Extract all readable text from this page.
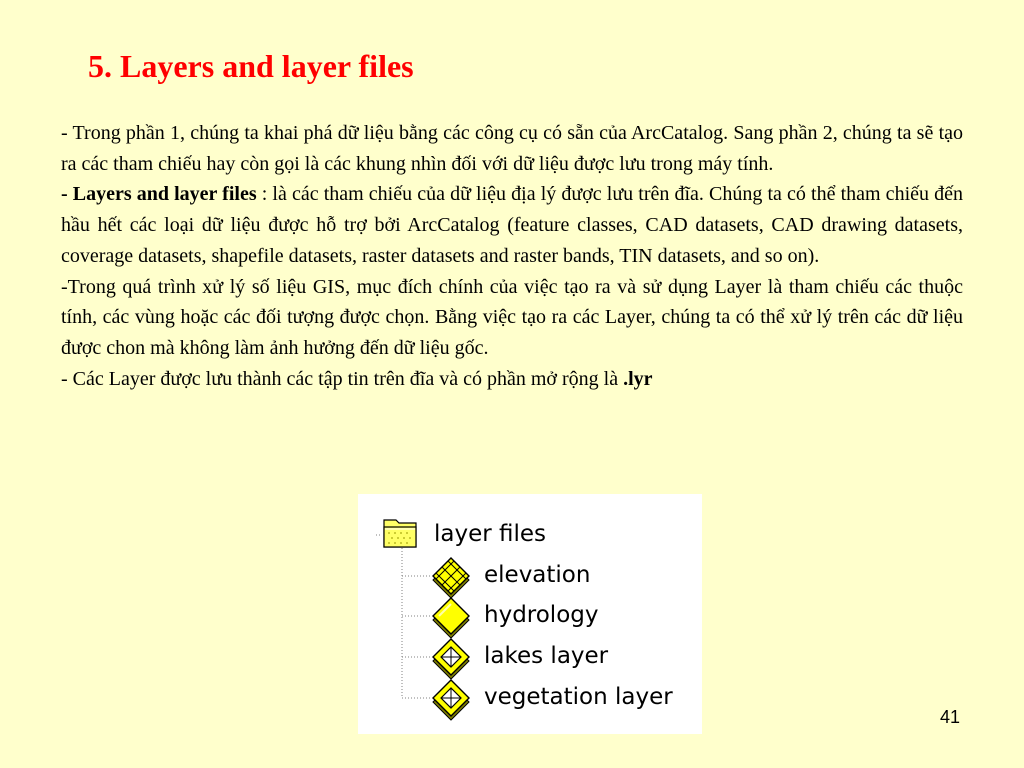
5. Layers and layer files

- Trong phần 1, chúng ta khai phá dữ liệu bằng các công cụ có sẵn của ArcCatalog. Sang phần 2, chúng ta sẽ tạo ra các tham chiếu hay còn gọi là các khung nhìn đối với dữ liệu được lưu trong máy tính.

- Layers and layer files : là các tham chiếu của dữ liệu địa lý được lưu trên đĩa. Chúng ta có thể tham chiếu đến hầu hết các loại dữ liệu được hỗ trợ bởi ArcCatalog (feature classes, CAD datasets, CAD drawing datasets, coverage datasets, shapefile datasets, raster datasets and raster bands, TIN datasets, and so on).

-Trong quá trình xử lý số liệu GIS, mục đích chính của việc tạo ra và sử dụng Layer là tham chiếu các thuộc tính, các vùng hoặc các đối tượng được chọn. Bằng việc tạo ra các Layer, chúng ta có thể xử lý trên các dữ liệu được chon mà không làm ảnh hưởng đến dữ liệu gốc.

- Các Layer được lưu thành các tập tin trên đĩa và có phần mở rộng là .lyr

layer files
elevation
hydrology
lakes layer
vegetation layer
41
